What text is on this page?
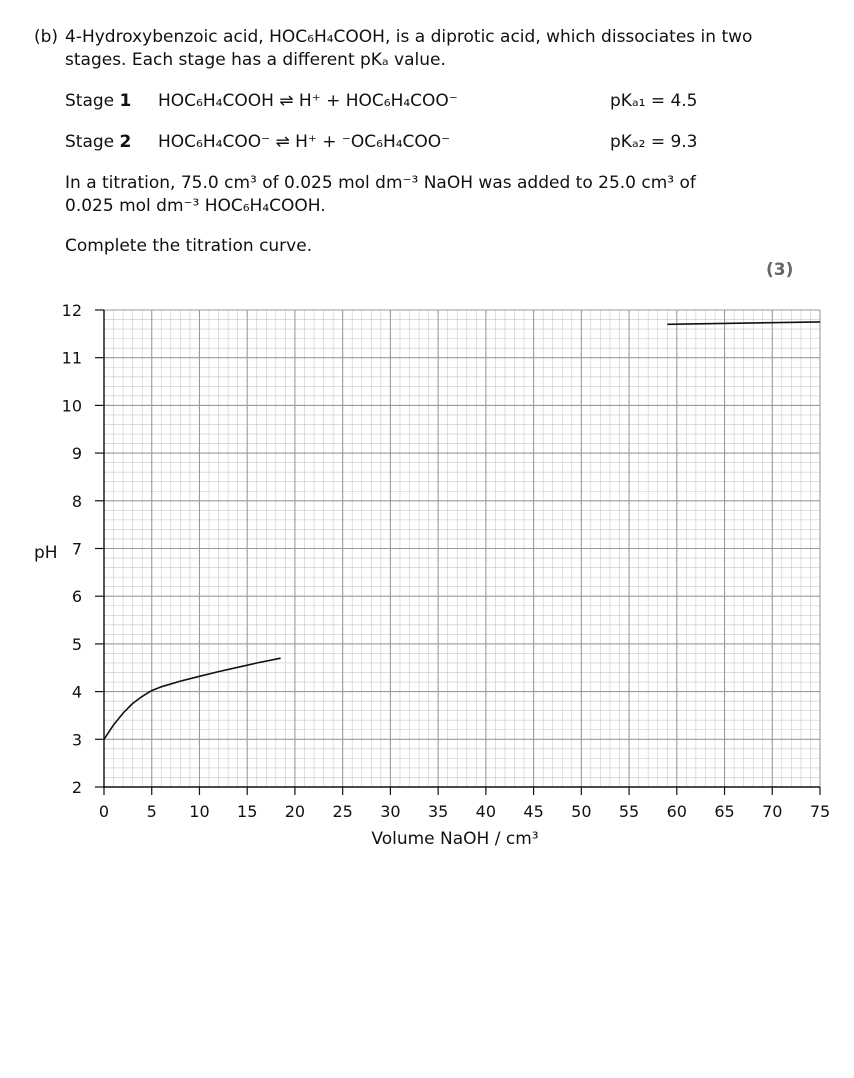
(b) 4-Hydroxybenzoic acid, HOC₆H₄COOH, is a diprotic acid, which dissociates in two
stages. Each stage has a different pKₐ value.
Stage 1 HOC₆H₄COOH ⇌ H⁺ + HOC₆H₄COO⁻	pKₐ₁ = 4.5
Stage 2 HOC₆H₄COO⁻ ⇌ H⁺ + ⁻OC₆H₄COO⁻	pKₐ₂ = 9.3
In a titration, 75.0 cm³ of 0.025 mol dm⁻³ NaOH was added to 25.0 cm³ of
0.025 mol dm⁻³ HOC₆H₄COOH.
Complete the titration curve.
(3)
2
3
4
5
6
7
8
9
10
11
12
0 5 10 15 20 25 30 35 40 45 50 55 60 65 70 75
pH
Volume NaOH / cm³
